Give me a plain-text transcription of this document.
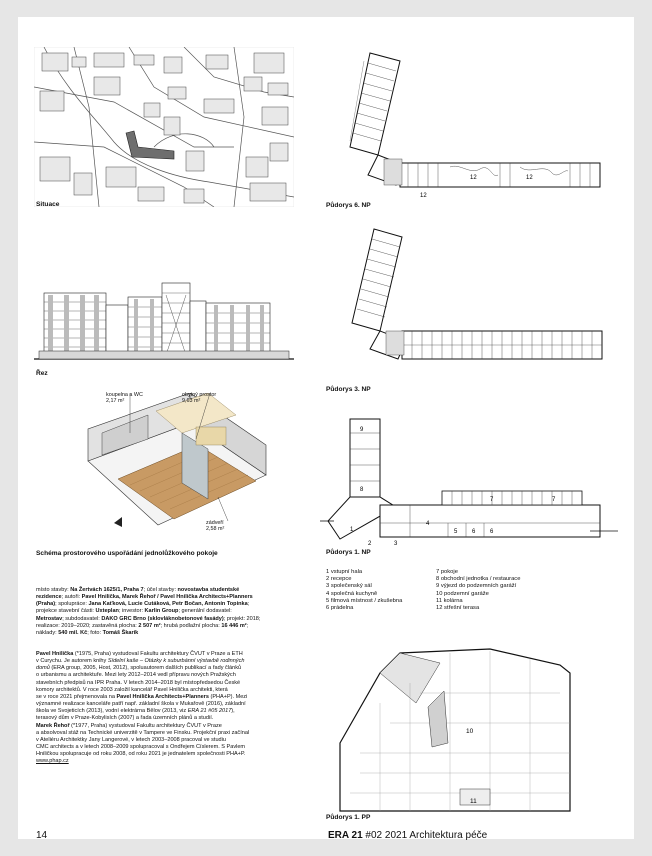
Situace
Řez
koupelna a WC
2,17 m²
obytný prostor
9,63 m²
zádveří
2,58 m²
Schéma prostorového uspořádání jednolůžkového pokoje
12
12	12
Půdorys 6. NP
Půdorys 3. NP
9
8
1
2	3
4
5 6 6
7	7
Půdorys 1. NP
1 vstupní hala
2 recepce
3 společenský sál
4 společná kuchyně
5 filmová místnost / zkušebna
6 prádelna
7 pokoje
8 obchodní jednotka / restaurace
9 výjezd do podzemních garáží
10 podzemní garáže
11 kolárna
12 střešní terasa
10
11
Půdorys 1. PP
místo stavby: Na Žertvách 1625/1, Praha 7; účel stavby: novostavba studentské
rezidence; autoři: Pavel Hnilička, Marek Řehoř / Pavel Hnilička Architects+Planners
(Praha); spolupráce: Jana Kaťková, Lucie Cutáková, Petr Bočan, Antonín Topinka;
projekce stavební části: Uxteplan; investor: Karlin Group; generální dodavatel:
Metrostav; subdodavatel: DAKO GRC Brno (sklovláknobetonové fasády); projekt: 2018;
realizace: 2019–2020; zastavěná plocha: 2 507 m²; hrubá podlažní plocha: 16 446 m²;
náklady: 540 mil. Kč; foto: Tomáš Škarík
Pavel Hnilička (*1975, Praha) vystudoval Fakultu architektury ČVUT v Praze a ETH
v Curychu. Je autorem knihy Sídelní kaše – Otázky k suburbánní výstavbě rodinných
domů (ERA group, 2005, Host, 2012), spoluautorem dalších publikací a řady článků
o urbanismu a architektuře. Mezi lety 2012–2014 vedl přípravu nových Pražských
stavebních předpisů na IPR Praha. V letech 2014–2018 byl místopředsedou České
komory architektů. V roce 2003 založil kancelář Pavel Hnilička architekti, která
se v roce 2021 přejmenovala na Pavel Hnilička Architects+Planners (PHA+P). Mezi
významné realizace kanceláře patří např. základní škola v Mukařově (2016), základní
škola ve Svojeticích (2013), vodní elektrárna Bělov (2013, viz ERA 21 #05 2017),
terasový dům v Praze-Kobylisích (2007) a řada územních plánů a studií.
Marek Řehoř (*1977, Praha) vystudoval Fakultu architektury ČVUT v Praze
a absolvoval stáž na Technické univerzitě v Tampere ve Finsku. Projekční praxi začínal
v Ateliéru Architektky Jany Langerové, v letech 2003–2008 pracoval ve studiu
CMC architects a v letech 2008–2009 spolupracoval s Ondřejem Císlerem. S Pavlem
Hniličkou spolupracuje od roku 2008, od roku 2021 je jednatelem společnosti PHA+P.
www.phap.cz
14	ERA 21 #02 2021 Architektura péče
